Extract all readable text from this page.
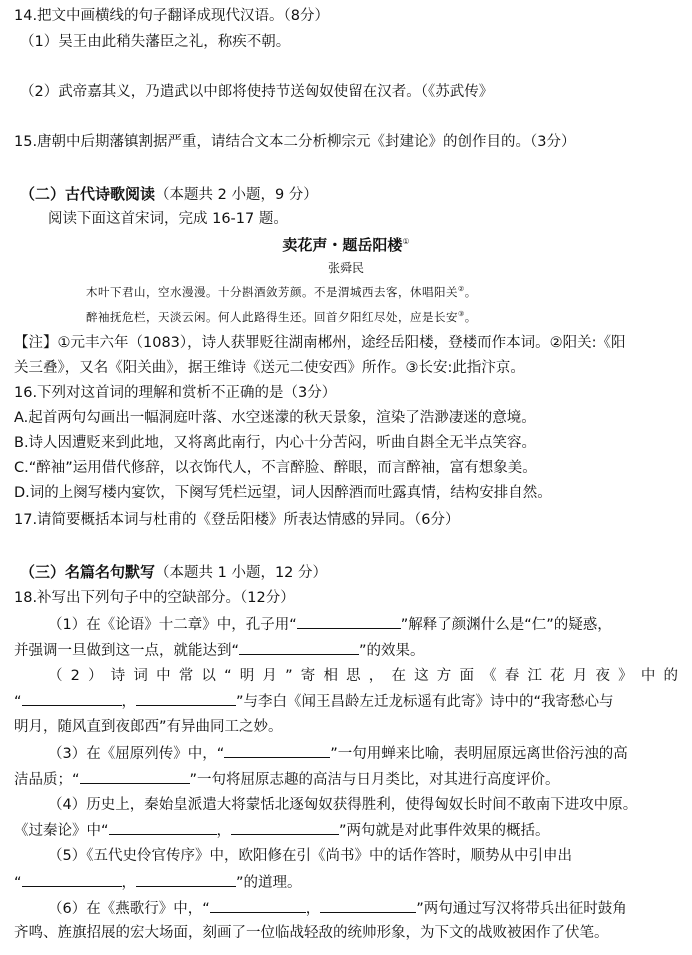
14.把文中画横线的句子翻译成现代汉语。（8分）
（1）吴王由此稍失藩臣之礼，称疾不朝。
（2）武帝嘉其义，乃遣武以中郎将使持节送匈奴使留在汉者。（《苏武传》
15.唐朝中后期藩镇割据严重，请结合文本二分析柳宗元《封建论》的创作目的。（3分）
（二）古代诗歌阅读（本题共 2 小题，9 分）
阅读下面这首宋词，完成 16-17 题。
卖花声・题岳阳楼①
张舜民
木叶下君山，空水漫漫。十分斟酒敛芳颜。不是渭城西去客，休唱阳关②。
醉袖抚危栏，天淡云闲。何人此路得生还。回首夕阳红尽处，应是长安③。
【注】①元丰六年（1083），诗人获罪贬往湖南郴州，途经岳阳楼，登楼而作本词。②阳关:《阳
关三叠》，又名《阳关曲》，据王维诗《送元二使安西》所作。③长安:此指汴京。
16.下列对这首词的理解和赏析不正确的是（3分）
A.起首两句勾画出一幅洞庭叶落、水空迷濛的秋天景象，渲染了浩渺凄迷的意境。
B.诗人因遭贬来到此地，又将离此南行，内心十分苦闷，听曲自斟全无半点笑容。
C.“醉袖”运用借代修辞，以衣饰代人，不言醉脸、醉眼，而言醉袖，富有想象美。
D.词的上阕写楼内宴饮，下阕写凭栏远望，词人因醉酒而吐露真情，结构安排自然。
17.请简要概括本词与杜甫的《登岳阳楼》所表达情感的异同。（6分）
（三）名篇名句默写（本题共 1 小题，12 分）
18.补写出下列句子中的空缺部分。（12分）
（1）在《论语》十二章》中，孔子用“	”解释了颜渊什么是“仁”的疑惑，
并强调一旦做到这一点，就能达到“	”的效果。
（2）诗词中常以“明月”寄相思，在这方面《春江花月夜》中的
“	，	”与李白《闻王昌龄左迁龙标遥有此寄》诗中的“我寄愁心与
明月，随风直到夜郎西”有异曲同工之妙。
（3）在《屈原列传》中，“	”一句用蝉来比喻，表明屈原远离世俗污浊的高
洁品质；“	”一句将屈原志趣的高洁与日月类比，对其进行高度评价。
（4）历史上，秦始皇派遣大将蒙恬北逐匈奴获得胜利，使得匈奴长时间不敢南下进攻中原。
《过秦论》中“	，	”两句就是对此事件效果的概括。
（5）《五代史伶官传序》中，欧阳修在引《尚书》中的话作答时，顺势从中引申出
“	，	”的道理。
（6）在《燕歌行》中，“	，	”两句通过写汉将带兵出征时鼓角
齐鸣、旌旗招展的宏大场面，刻画了一位临战轻敌的统帅形象，为下文的战败被困作了伏笔。
